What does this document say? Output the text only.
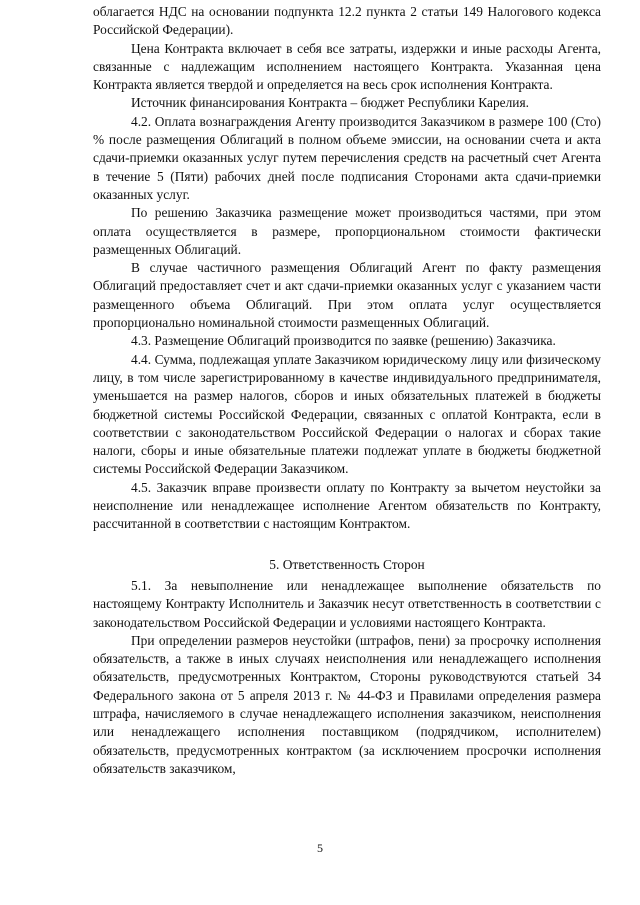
облагается НДС на основании подпункта 12.2 пункта 2 статьи 149 Налогового кодекса Российской Федерации).

Цена Контракта включает в себя все затраты, издержки и иные расходы Агента, связанные с надлежащим исполнением настоящего Контракта. Указанная цена Контракта является твердой и определяется на весь срок исполнения Контракта.

Источник финансирования Контракта – бюджет Республики Карелия.

4.2. Оплата вознаграждения Агенту производится Заказчиком в размере 100 (Сто) % после размещения Облигаций в полном объеме эмиссии, на основании счета и акта сдачи-приемки оказанных услуг путем перечисления средств на расчетный счет Агента в течение 5 (Пяти) рабочих дней после подписания Сторонами акта сдачи-приемки оказанных услуг.

По решению Заказчика размещение может производиться частями, при этом оплата осуществляется в размере, пропорциональном стоимости фактически размещенных Облигаций.

В случае частичного размещения Облигаций Агент по факту размещения Облигаций предоставляет счет и акт сдачи-приемки оказанных услуг с указанием части размещенного объема Облигаций. При этом оплата услуг осуществляется пропорционально номинальной стоимости размещенных Облигаций.

4.3. Размещение Облигаций производится по заявке (решению) Заказчика.

4.4. Сумма, подлежащая уплате Заказчиком юридическому лицу или физическому лицу, в том числе зарегистрированному в качестве индивидуального предпринимателя, уменьшается на размер налогов, сборов и иных обязательных платежей в бюджеты бюджетной системы Российской Федерации, связанных с оплатой Контракта, если в соответствии с законодательством Российской Федерации о налогах и сборах такие налоги, сборы и иные обязательные платежи подлежат уплате в бюджеты бюджетной системы Российской Федерации Заказчиком.

4.5. Заказчик вправе произвести оплату по Контракту за вычетом неустойки за неисполнение или ненадлежащее исполнение Агентом обязательств по Контракту, рассчитанной в соответствии с настоящим Контрактом.

5. Ответственность Сторон

5.1. За невыполнение или ненадлежащее выполнение обязательств по настоящему Контракту Исполнитель и Заказчик несут ответственность в соответствии с законодательством Российской Федерации и условиями настоящего Контракта.

При определении размеров неустойки (штрафов, пени) за просрочку исполнения обязательств, а также в иных случаях неисполнения или ненадлежащего исполнения обязательств, предусмотренных Контрактом, Стороны руководствуются статьей 34 Федерального закона от 5 апреля 2013 г. № 44-ФЗ и Правилами определения размера штрафа, начисляемого в случае ненадлежащего исполнения заказчиком, неисполнения или ненадлежащего исполнения поставщиком (подрядчиком, исполнителем) обязательств, предусмотренных контрактом (за исключением просрочки исполнения обязательств заказчиком,

5
